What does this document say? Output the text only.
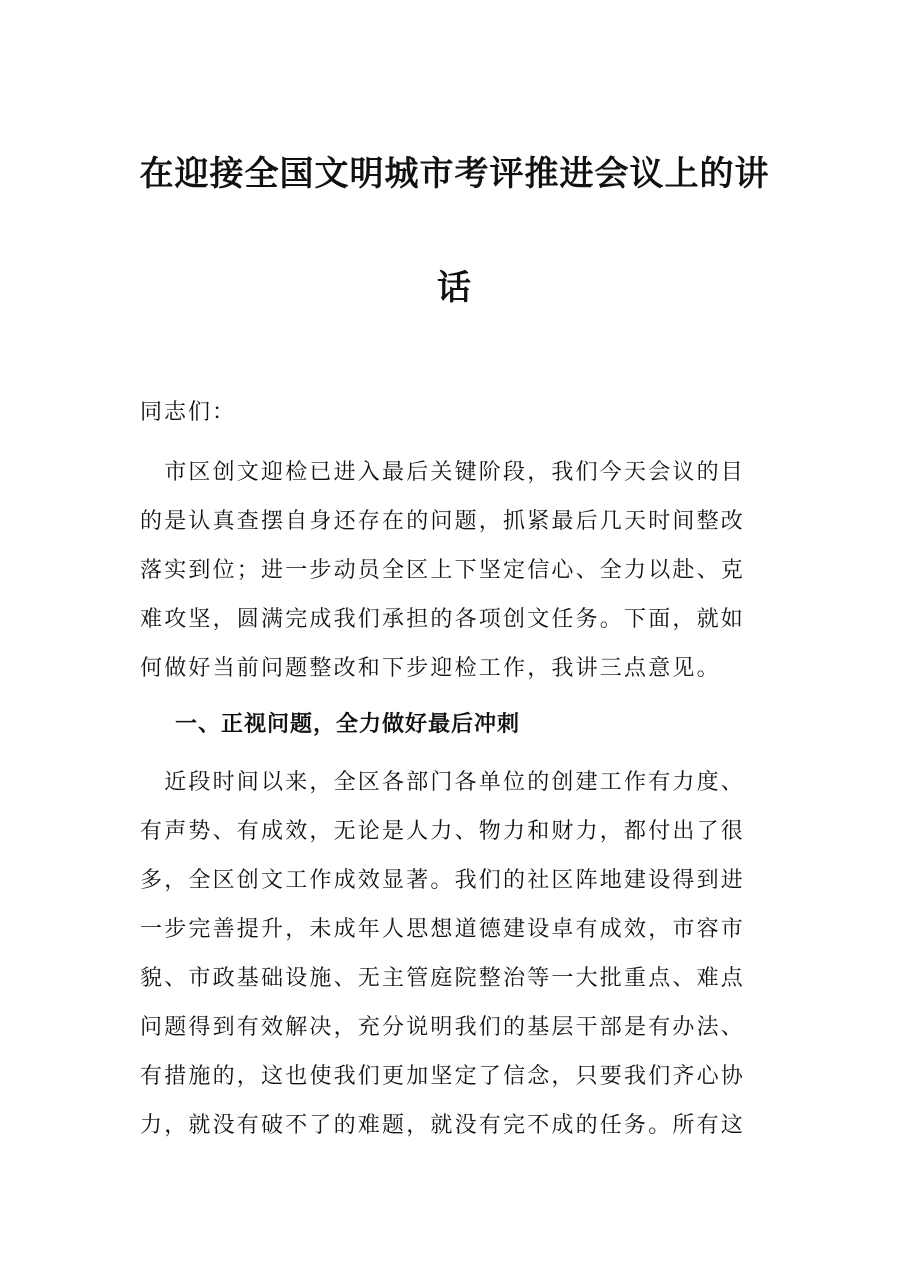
在迎接全国文明城市考评推进会议上的讲
话

同志们：

　市区创文迎检已进入最后关键阶段，我们今天会议的目

的是认真查摆自身还存在的问题，抓紧最后几天时间整改

落实到位；进一步动员全区上下坚定信心、全力以赴、克

难攻坚，圆满完成我们承担的各项创文任务。下面，就如

何做好当前问题整改和下步迎检工作，我讲三点意见。

一、正视问题，全力做好最后冲刺

　近段时间以来，全区各部门各单位的创建工作有力度、

有声势、有成效，无论是人力、物力和财力，都付出了很

多，全区创文工作成效显著。我们的社区阵地建设得到进

一步完善提升，未成年人思想道德建设卓有成效，市容市

貌、市政基础设施、无主管庭院整治等一大批重点、难点

问题得到有效解决，充分说明我们的基层干部是有办法、

有措施的，这也使我们更加坚定了信念，只要我们齐心协

力，就没有破不了的难题，就没有完不成的任务。所有这
